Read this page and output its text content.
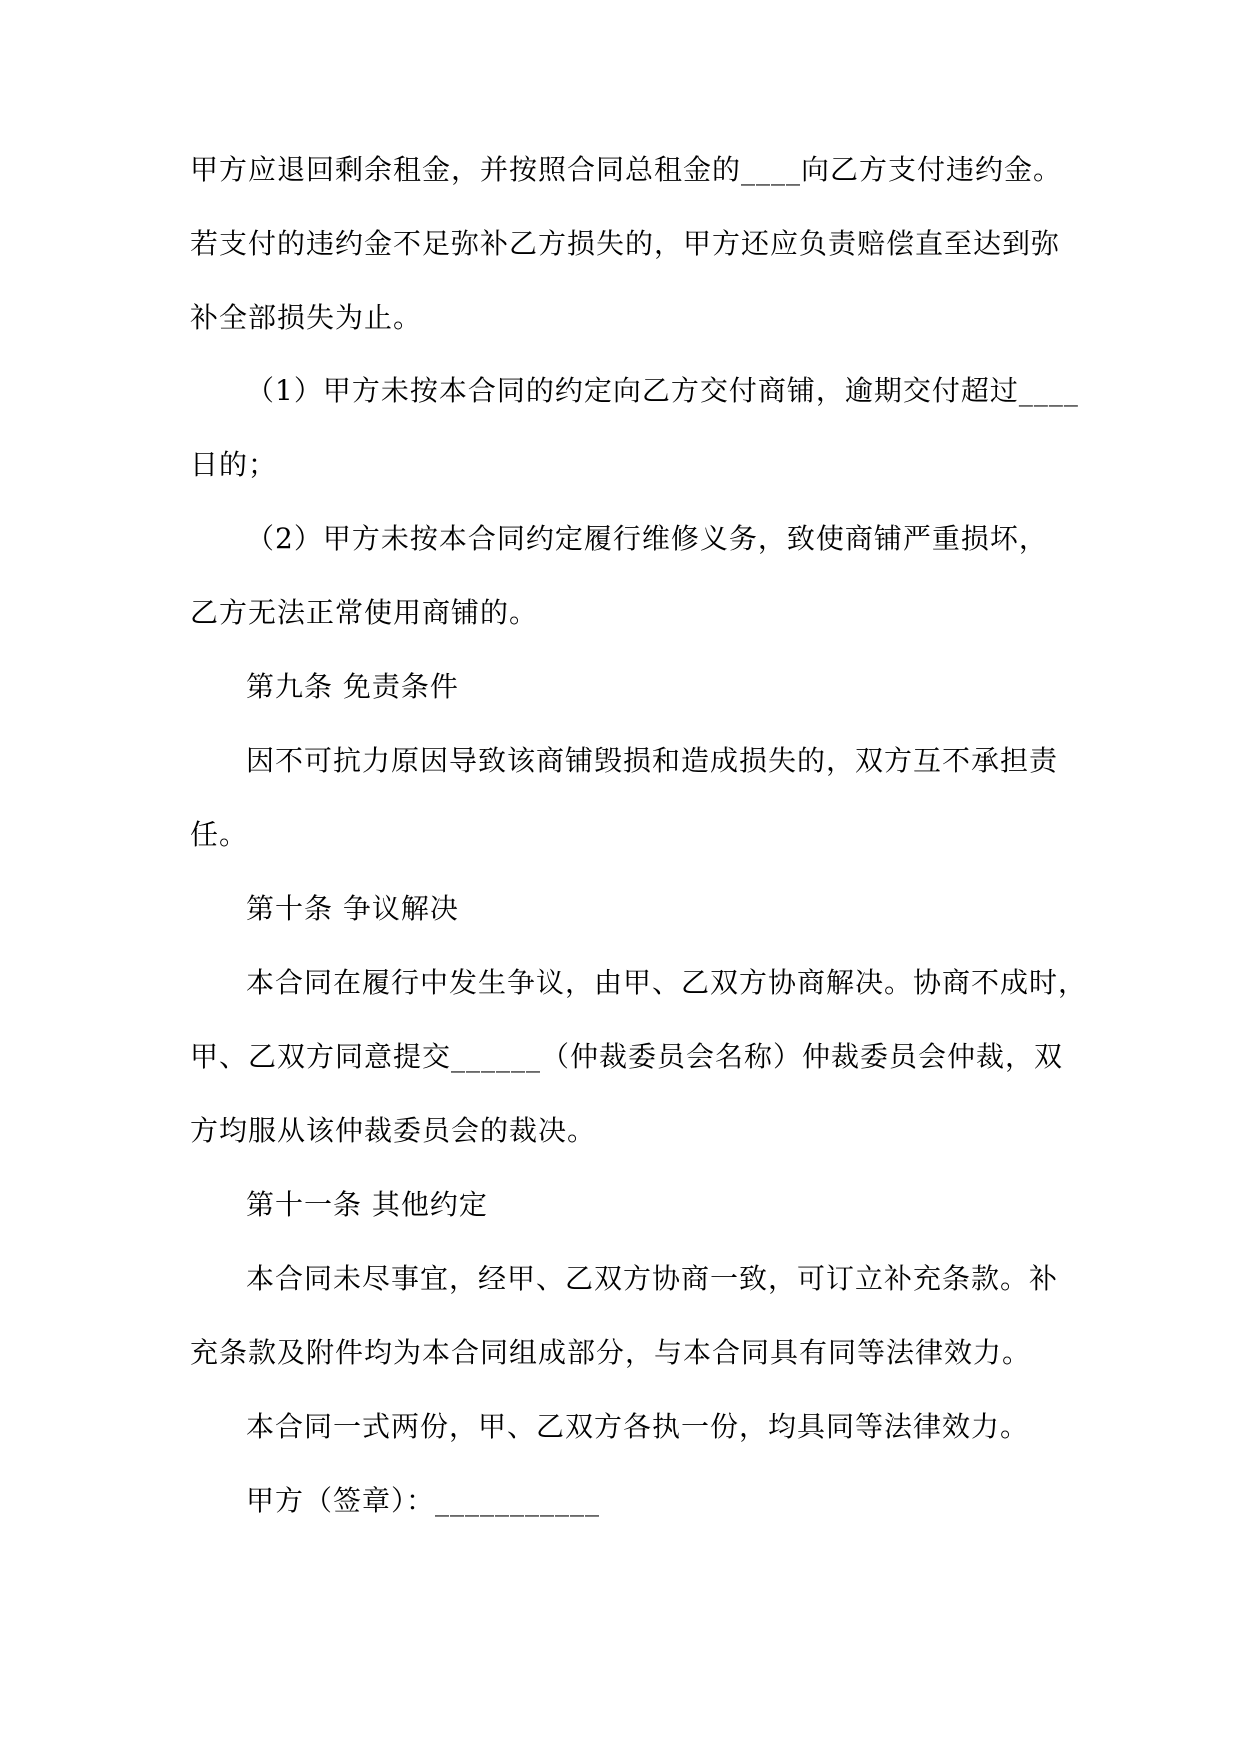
甲方应退回剩余租金，并按照合同总租金的____向乙方支付违约金。
若支付的违约金不足弥补乙方损失的，甲方还应负责赔偿直至达到弥
补全部损失为止。
（1）甲方未按本合同的约定向乙方交付商铺，逾期交付超过____
日的；
（2）甲方未按本合同约定履行维修义务，致使商铺严重损坏，
乙方无法正常使用商铺的。
第九条 免责条件
因不可抗力原因导致该商铺毁损和造成损失的，双方互不承担责
任。
第十条 争议解决
本合同在履行中发生争议，由甲、乙双方协商解决。协商不成时，
甲、乙双方同意提交______（仲裁委员会名称）仲裁委员会仲裁，双
方均服从该仲裁委员会的裁决。
第十一条 其他约定
本合同未尽事宜，经甲、乙双方协商一致，可订立补充条款。补
充条款及附件均为本合同组成部分，与本合同具有同等法律效力。
本合同一式两份，甲、乙双方各执一份，均具同等法律效力。
甲方（签章）：___________
